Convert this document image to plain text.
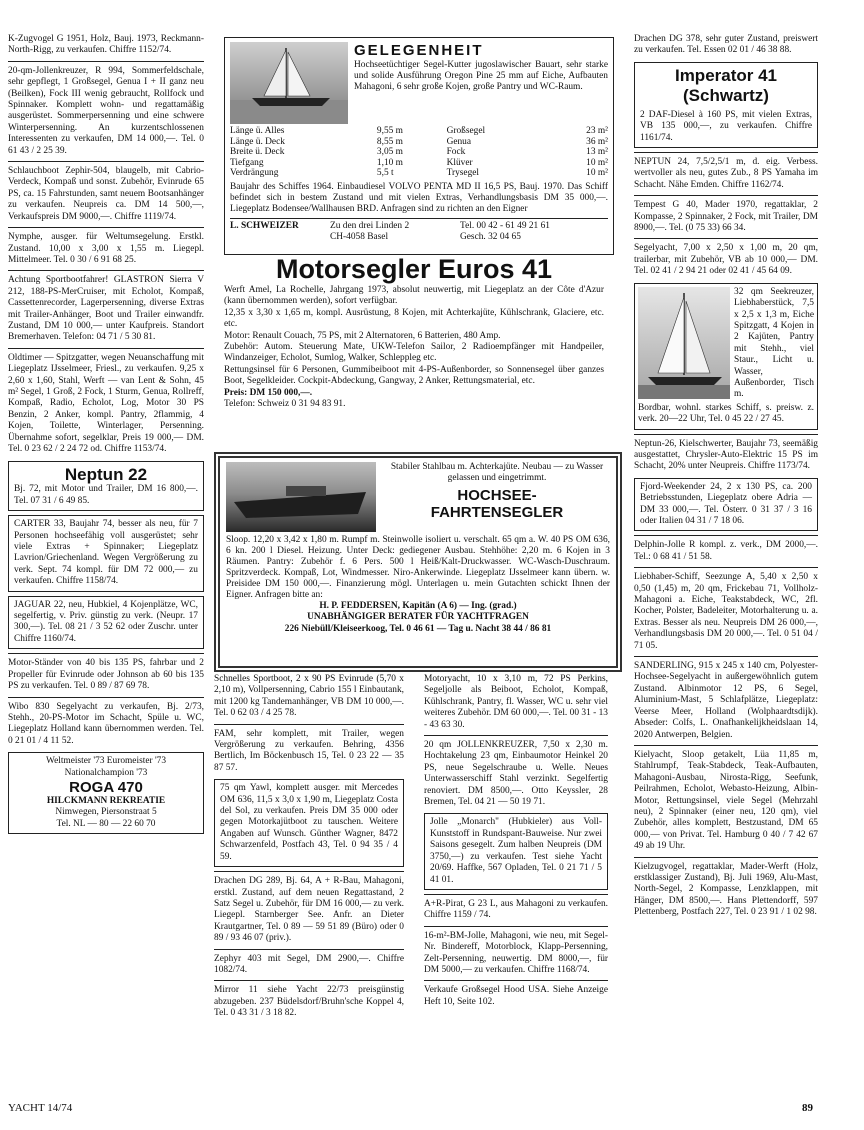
K-Zugvogel G 1951, Holz, Bauj. 1973, Reckmann-North-Rigg, zu verkaufen. Chiffre 1152/74.

20-qm-Jollenkreuzer, R 994, Sommerfeldschale, sehr gepflegt, 1 Großsegel, Genua I + II ganz neu (Beilken), Fock III wenig gebraucht, Rollfock und Spinnaker. Komplett wohn- und regattamäßig ausgerüstet. Sommerpersenning und eine schwere Winterpersenning. An kurzentschlossenen Interessenten zu verkaufen, DM 14 000,—. Tel. 0 61 43 / 2 25 39.

Schlauchboot Zephir-504, blaugelb, mit Cabrio-Verdeck, Kompaß und sonst. Zubehör, Evinrude 65 PS, ca. 15 Fahrstunden, samt neuem Bootsanhänger zu verkaufen. Neupreis ca. DM 14 500,—, Verkaufspreis DM 9000,—. Chiffre 1119/74.

Nymphe, ausger. für Weltumsegelung. Erstkl. Zustand. 10,00 x 3,00 x 1,55 m. Liegepl. Mittelmeer. Tel. 0 30 / 6 91 68 25.

Achtung Sportbootfahrer! GLASTRON Sierra V 212, 188-PS-MerCruiser, mit Echolot, Kompaß, Cassettenrecorder, Lagerpersenning, diverse Extras mit Trailer-Anhänger, Boot und Trailer einwandfr. Zustand, DM 10 000,— unter Kaufpreis. Standort Bremerhaven. Telefon: 04 71 / 5 30 81.

Oldtimer — Spitzgatter, wegen Neuanschaffung mit Liegeplatz IJsselmeer, Friesl., zu verkaufen. 9,25 x 2,60 x 1,60, Stahl, Werft — van Lent & Sohn, 45 m² Segel, 1 Groß, 2 Fock, 1 Sturm, Genua, Rollreff, Kompaß, Radio, Echolot, Log, Motor 30 PS Benzin, 2 Anker, kompl. Pantry, 2flammig, 4 Kojen, Toilette, Winterlager, Persenning. Übernahme sofort, segelklar, Preis 19 000,— DM. Tel. 0 23 62 / 2 24 72 od. Chiffre 1153/74.

Neptun 22

Bj. 72, mit Motor und Trailer, DM 16 800,—. Tel. 07 31 / 6 49 85.

CARTER 33, Baujahr 74, besser als neu, für 7 Personen hochseefähig voll ausgerüstet; sehr viele Extras + Spinnaker; Liegeplatz Lavrion/Griechenland. Wegen Vergrößerung zu verk. Sept. 74 kompl. für DM 72 000,— zu verkaufen. Chiffre 1158/74.

JAGUAR 22, neu, Hubkiel, 4 Kojenplätze, WC, segelfertig, v. Priv. günstig zu verk. (Neupr. 17 300,—). Tel. 08 21 / 3 52 62 oder Zuschr. unter Chiffre 1160/74.

Motor-Ständer von 40 bis 135 PS, fahrbar und 2 Propeller für Evinrude oder Johnson ab 60 bis 135 PS zu verkaufen. Tel. 0 89 / 87 69 78.

Wibo 830 Segelyacht zu verkaufen, Bj. 2/73, Stehh., 20-PS-Motor im Schacht, Spüle u. WC, Liegeplatz Holland kann übernommen werden. Tel. 0 21 01 / 4 11 52.

Weltmeister '73 Euromeister '73
Nationalchampion '73
ROGA 470
HILCKMANN REKREATIE
Nimwegen, Piersonstraat 5
Tel. NL — 80 — 22 60 70
GELEGENHEIT

Hochseetüchtiger Segel-Kutter jugoslawischer Bauart, sehr starke und solide Ausführung Oregon Pine 25 mm auf Eiche, Aufbauten Mahagoni, 6 sehr große Kojen, große Pantry und WC-Raum.

Länge ü. Alles	9,55 m	Großsegel	23 m²
Länge ü. Deck	8,55 m	Genua	36 m²
Breite ü. Deck	3,05 m	Fock	13 m²
Tiefgang	1,10 m	Klüver	10 m²
Verdrängung	5,5 t	Trysegel	10 m²

Baujahr des Schiffes 1964. Einbaudiesel VOLVO PENTA MD II 16,5 PS, Bauj. 1970. Das Schiff befindet sich in bestem Zustand und mit vielen Extras, Verhandlungsbasis DM 35 000,—. Liegeplatz Bodensee/Wallhausen BRD. Anfragen sind zu richten an den Eigner

L. SCHWEIZER	Zu den drei Linden 2
CH-4058 Basel
Tel. 00 42 - 61 49 21 61
Gesch. 32 04 65
Motorsegler Euros 41

Werft Amel, La Rochelle, Jahrgang 1973, absolut neuwertig, mit Liegeplatz an der Côte d'Azur (kann übernommen werden), sofort verfügbar.

12,35 x 3,30 x 1,65 m, kompl. Ausrüstung, 8 Kojen, mit Achterkajüte, Kühlschrank, Glaciere, etc. etc.

Motor: Renault Couach, 75 PS, mit 2 Alternatoren, 6 Batterien, 480 Amp.

Zubehör: Autom. Steuerung Mate, UKW-Telefon Sailor, 2 Radioempfänger mit Handpeiler, Windanzeiger, Echolot, Sumlog, Walker, Schleppleg etc.

Rettungsinsel für 6 Personen, Gummibeiboot mit 4-PS-Außenborder, so Sonnensegel über ganzes Boot, Segelkleider. Cockpit-Abdeckung, Gangway, 2 Anker, Rettungsmaterial, etc.

Preis: DM 150 000,—.

Telefon: Schweiz 0 31 94 83 91.

Stabiler Stahlbau m. Achterkajüte. Neubau — zu Wasser gelassen und eingetrimmt.

HOCHSEE-
FAHRTENSEGLER

Sloop. 12,20 x 3,42 x 1,80 m. Rumpf m. Steinwolle isoliert u. verschalt. 65 qm a. W. 40 PS OM 636, 6 kn. 200 l Diesel. Heizung. Unter Deck: gediegener Ausbau. Stehhöhe: 2,20 m. 6 Kojen in 3 Räumen. Pantry: Zubehör f. 6 Pers. 500 l Heiß/Kalt-Druckwasser. WC-Wasch-Duschraum. Spritzverdeck. Kompaß, Lot, Windmesser. Niro-Ankerwinde. Liegeplatz IJsselmeer kann übern. w. Preisidee DM 150 000,—. Finanzierung mögl. Unterlagen u. mein Gutachten schickt Ihnen der Eigner. Anfragen bitte an:

H. P. FEDDERSEN, Kapitän (A 6) — Ing. (grad.)
UNABHÄNGIGER BERATER FÜR YACHTFRAGEN
226 Niebüll/Kleiseerkoog, Tel. 0 46 61 — Tag u. Nacht 38 44 / 86 81

Schnelles Sportboot, 2 x 90 PS Evinrude (5,70 x 2,10 m), Vollpersenning, Cabrio 155 l Einbautank, mit 1200 kg Tandemanhänger, VB DM 10 000,—. Tel. 0 62 03 / 4 25 78.

FAM, sehr komplett, mit Trailer, wegen Vergrößerung zu verkaufen. Behring, 4356 Bertlich, Im Böckenbusch 15, Tel. 0 23 22 — 35 87 57.

75 qm Yawl, komplett ausger. mit Mercedes OM 636, 11,5 x 3,0 x 1,90 m, Liegeplatz Costa del Sol, zu verkaufen. Preis DM 35 000 oder gegen Motorkajütboot zu tauschen. Weitere Angaben auf Wunsch. Günther Wagner, 8472 Schwarzenfeld, Postfach 43, Tel. 0 94 35 / 4 59.

Drachen DG 289, Bj. 64, A + R-Bau, Mahagoni, erstkl. Zustand, auf dem neuen Regattastand, 2 Satz Segel u. Zubehör, für DM 16 000,— zu verk. Liegepl. Starnberger See. Anfr. an Dieter Krautgartner, Tel. 0 89 — 59 51 89 (Büro) oder 0 89 / 93 46 07 (priv.).

Zephyr 403 mit Segel, DM 2900,—. Chiffre 1082/74.

Mirror 11 siehe Yacht 22/73 preisgünstig abzugeben. 237 Büdelsdorf/Bruhn'sche Koppel 4, Tel. 0 43 31 / 3 18 82.

Motoryacht, 10 x 3,10 m, 72 PS Perkins, Segeljolle als Beiboot, Echolot, Kompaß, Kühlschrank, Pantry, fl. Wasser, WC u. sehr viel weiteres Zubehör. DM 60 000,—. Tel. 00 31 - 13 - 43 63 30.

20 qm JOLLENKREUZER, 7,50 x 2,30 m. Hochtakelung 23 qm, Einbaumotor Heinkel 20 PS, neue Segelschraube u. Welle. Neues Unterwasserschiff Stahl verzinkt. Segelfertig renoviert. DM 8500,—. Otto Keyssler, 28 Bremen, Tel. 04 21 — 50 19 71.

Jolle „Monarch" (Hubkieler) aus Voll-Kunststoff in Rundspant-Bauweise. Nur zwei Saisons gesegelt. Zum halben Neupreis (DM 3750,—) zu verkaufen. Test siehe Yacht 20/69. Haffke, 567 Opladen, Tel. 0 21 71 / 5 41 01.

A+R-Pirat, G 23 L, aus Mahagoni zu verkaufen. Chiffre 1159 / 74.

16-m²-BM-Jolle, Mahagoni, wie neu, mit Segel-Nr. Bindereff, Motorblock, Klapp-Persenning, Zelt-Persenning, neuwertig. DM 8000,—, für DM 5000,— zu verkaufen. Chiffre 1168/74.

Verkaufe Großsegel Hood USA. Siehe Anzeige Heft 10, Seite 102.

Drachen DG 378, sehr guter Zustand, preiswert zu verkaufen. Tel. Essen 02 01 / 46 38 88.

Imperator 41
(Schwartz)

2 DAF-Diesel à 160 PS, mit vielen Extras, VB 135 000,—, zu verkaufen. Chiffre 1161/74.

NEPTUN 24, 7,5/2,5/1 m, d. eig. Verbess. wertvoller als neu, gutes Zub., 8 PS Yamaha im Schacht. Nähe Emden. Chiffre 1162/74.

Tempest G 40, Mader 1970, regattaklar, 2 Kompasse, 2 Spinnaker, 2 Fock, mit Trailer, DM 8900,—. Tel. (0 75 33) 66 34.

Segelyacht, 7,00 x 2,50 x 1,00 m, 20 qm, trailerbar, mit Zubehör, VB ab 10 000,— DM. Tel. 02 41 / 2 94 21 oder 02 41 / 45 64 09.

32 qm Seekreuzer, Liebhaberstück, 7,5 x 2,5 x 1,3 m, Eiche Spitzgatt, 4 Kojen in 2 Kajüten, Pantry mit Stehh., viel Staur., Licht u. Wasser, Außenborder, Tisch m.

Bordbar, wohnl. starkes Schiff, s. preisw. z. verk. 20—22 Uhr, Tel. 0 45 22 / 27 45.

Neptun-26, Kielschwerter, Baujahr 73, seemäßig ausgestattet, Chrysler-Auto-Elektric 15 PS im Schacht, 20% unter Neupreis. Chiffre 1173/74.

Fjord-Weekender 24, 2 x 130 PS, ca. 200 Betriebsstunden, Liegeplatz obere Adria — DM 33 000,—. Tel. Österr. 0 31 37 / 3 16 oder Italien 04 31 / 7 18 06.

Delphin-Jolle R kompl. z. verk., DM 2000,—. Tel.: 0 68 41 / 51 58.

Liebhaber-Schiff, Seezunge A, 5,40 x 2,50 x 0,50 (1,45) m, 20 qm, Frickebau 71, Vollholz-Mahagoni a. Eiche, Teakstabdeck, WC, 2fl. Kocher, Polster, Badeleiter, Motorhalterung u. a. Extras. Besser als neu. Neupreis DM 26 000,—, Verhandlungsbasis DM 20 000,—. Tel. 0 51 04 / 71 05.

SANDERLING, 915 x 245 x 140 cm, Polyester-Hochsee-Segelyacht in außergewöhnlich gutem Zustand. Albinmotor 12 PS, 6 Segel, Aluminium-Mast, 5 Schlafplätze, Liegeplatz: Veerse Meer, Holland (Wolphaardtsdijk). Abseder: Colfs, L. Onafhankelijkheidslaan 14, 2020 Antwerpen, Belgien.

Kielyacht, Sloop getakelt, Lüa 11,85 m, Stahlrumpf, Teak-Stabdeck, Teak-Aufbauten, Mahagoni-Ausbau, Nirosta-Rigg, Seefunk, Peilrahmen, Echolot, Webasto-Heizung, Albin-Motor, Rettungsinsel, viele Segel (Mehrzahl neu), 2 Spinnaker (einer neu, 120 qm), viel Zubehör, alles komplett, Bestzustand, DM 65 000,— von Privat. Tel. Hamburg 0 40 / 7 42 67 49 ab 19 Uhr.

Kielzugvogel, regattaklar, Mader-Werft (Holz, erstklassiger Zustand), Bj. Juli 1969, Alu-Mast, North-Segel, 2 Kompasse, Lenzklappen, mit Hänger, DM 8500,—. Hans Plettendorff, 597 Plettenberg, Postfach 227, Tel. 0 23 91 / 1 02 98.

YACHT 14/74	89
